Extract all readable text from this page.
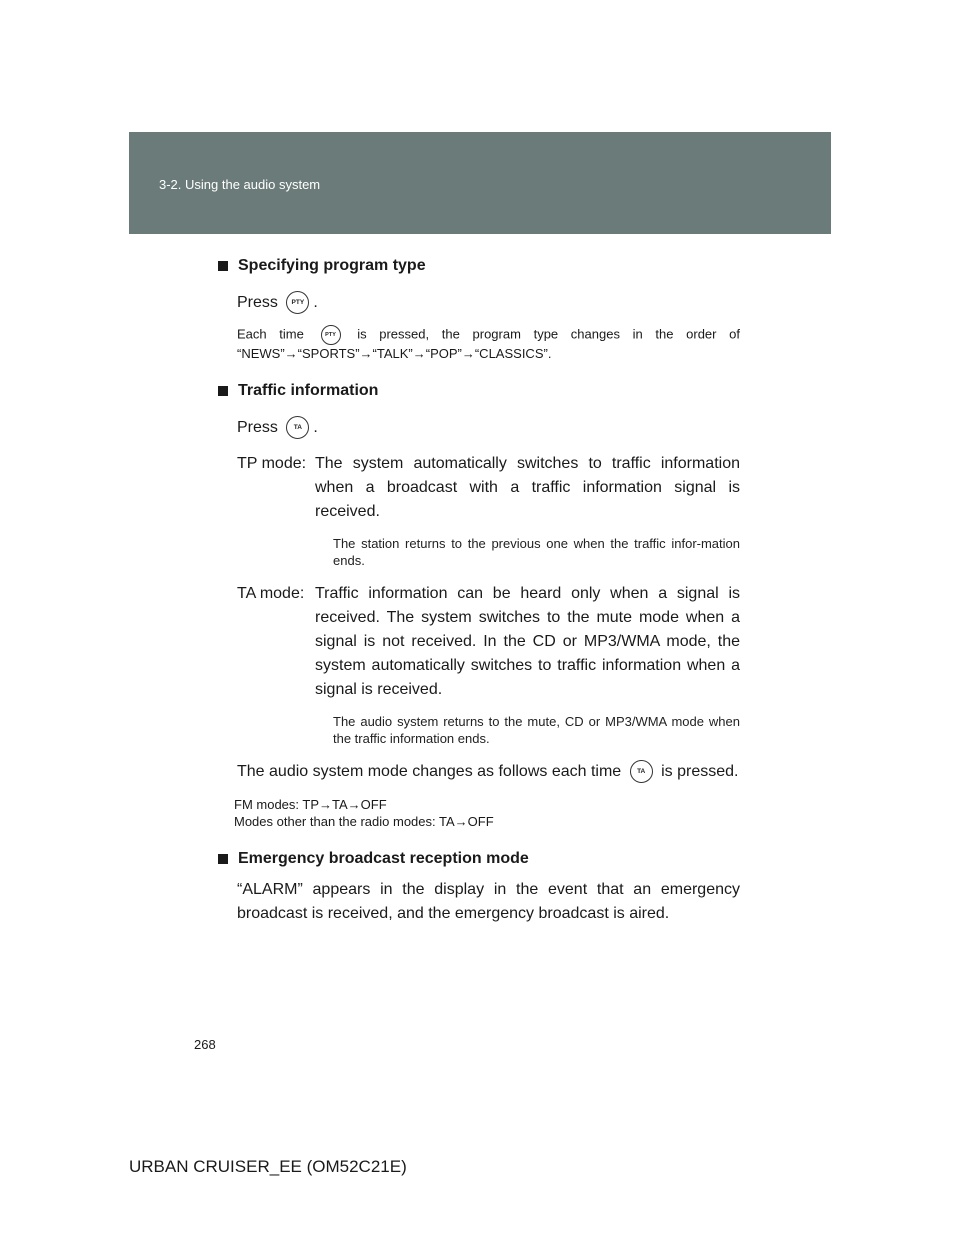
3-2. Using the audio system
Specifying program type
Press PTY .
Each time	PTY is pressed, the program type changes in the order of “NEWS”→“SPORTS”→“TALK”→“POP”→“CLASSICS”.
Traffic information
Press TA .
TP mode: The system automatically switches to traffic information when a broadcast with a traffic information signal is received.
The station returns to the previous one when the traffic infor-mation ends.
TA mode: Traffic information can be heard only when a signal is received. The system switches to the mute mode when a signal is not received. In the CD or MP3/WMA mode, the system automatically switches to traffic information when a signal is received.
The audio system returns to the mute, CD or MP3/WMA mode when the traffic information ends.
The audio system mode changes as follows each time TA is pressed.
FM modes: TP→TA→OFF
Modes other than the radio modes: TA→OFF
Emergency broadcast reception mode
“ALARM” appears in the display in the event that an emergency broadcast is received, and the emergency broadcast is aired.
268
URBAN CRUISER_EE (OM52C21E)
